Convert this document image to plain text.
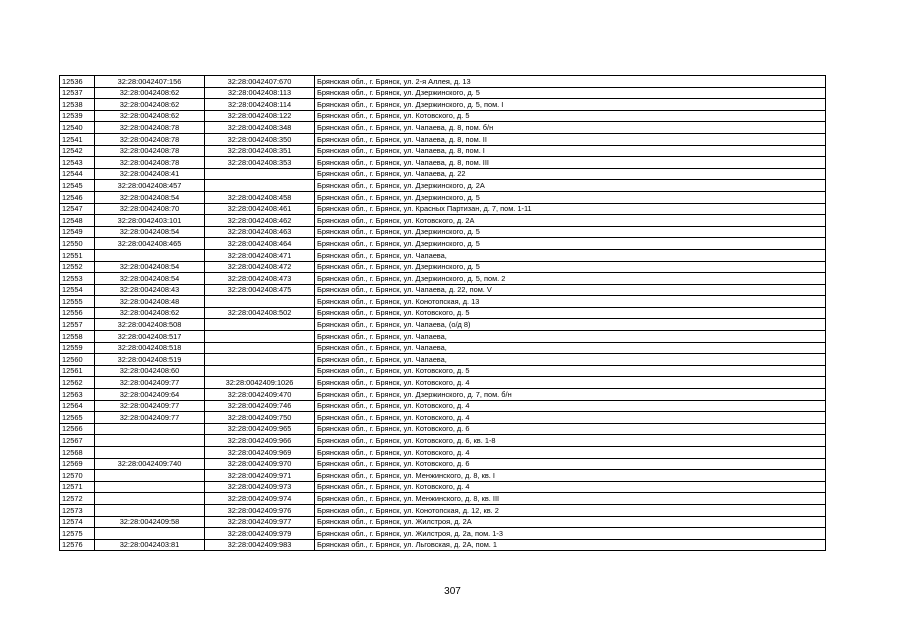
12536	32:28:0042407:156	32:28:0042407:670	Брянская обл., г. Брянск, ул. 2-я Аллея, д. 13
12537	32:28:0042408:62	32:28:0042408:113	Брянская обл., г. Брянск, ул. Дзержинского, д. 5
12538	32:28:0042408:62	32:28:0042408:114	Брянская обл., г. Брянск, ул. Дзержинского, д. 5, пом. I
12539	32:28:0042408:62	32:28:0042408:122	Брянская обл., г. Брянск, ул. Котовского, д. 5
12540	32:28:0042408:78	32:28:0042408:348	Брянская обл., г. Брянск, ул. Чапаева, д. 8, пом. б/н
12541	32:28:0042408:78	32:28:0042408:350	Брянская обл., г. Брянск, ул. Чапаева, д. 8, пом. II
12542	32:28:0042408:78	32:28:0042408:351	Брянская обл., г. Брянск, ул. Чапаева, д. 8, пом. I
12543	32:28:0042408:78	32:28:0042408:353	Брянская обл., г. Брянск, ул. Чапаева, д. 8, пом. III
12544	32:28:0042408:41		Брянская обл., г. Брянск, ул. Чапаева, д. 22
12545	32:28:0042408:457		Брянская обл., г. Брянск, ул. Дзержинского, д. 2А
12546	32:28:0042408:54	32:28:0042408:458	Брянская обл., г. Брянск, ул. Дзержинского, д. 5
12547	32:28:0042408:70	32:28:0042408:461	Брянская обл., г. Брянск, ул. Красных Партизан, д. 7, пом. 1-11
12548	32:28:0042403:101	32:28:0042408:462	Брянская обл., г. Брянск, ул. Котовского, д. 2А
12549	32:28:0042408:54	32:28:0042408:463	Брянская обл., г. Брянск, ул. Дзержинского, д. 5
12550	32:28:0042408:465	32:28:0042408:464	Брянская обл., г. Брянск, ул. Дзержинского, д. 5
12551		32:28:0042408:471	Брянская обл., г. Брянск, ул. Чапаева,
12552	32:28:0042408:54	32:28:0042408:472	Брянская обл., г. Брянск, ул. Дзержинского, д. 5
12553	32:28:0042408:54	32:28:0042408:473	Брянская обл., г. Брянск, ул. Дзержинского, д. 5, пом. 2
12554	32:28:0042408:43	32:28:0042408:475	Брянская обл., г. Брянск, ул. Чапаева, д. 22, пом. V
12555	32:28:0042408:48		Брянская обл., г. Брянск, ул. Конотопская, д. 13
12556	32:28:0042408:62	32:28:0042408:502	Брянская обл., г. Брянск, ул. Котовского, д. 5
12557	32:28:0042408:508		Брянская обл., г. Брянск, ул. Чапаева, (о/д 8)
12558	32:28:0042408:517		Брянская обл., г. Брянск, ул. Чапаева,
12559	32:28:0042408:518		Брянская обл., г. Брянск, ул. Чапаева,
12560	32:28:0042408:519		Брянская обл., г. Брянск, ул. Чапаева,
12561	32:28:0042408:60		Брянская обл., г. Брянск, ул. Котовского, д. 5
12562	32:28:0042409:77	32:28:0042409:1026	Брянская обл., г. Брянск, ул. Котовского, д. 4
12563	32:28:0042409:64	32:28:0042409:470	Брянская обл., г. Брянск, ул. Дзержинского, д. 7, пом. б/н
12564	32:28:0042409:77	32:28:0042409:746	Брянская обл., г. Брянск, ул. Котовского, д. 4
12565	32:28:0042409:77	32:28:0042409:750	Брянская обл., г. Брянск, ул. Котовского, д. 4
12566		32:28:0042409:965	Брянская обл., г. Брянск, ул. Котовского, д. 6
12567		32:28:0042409:966	Брянская обл., г. Брянск, ул. Котовского, д. 6, кв. 1-8
12568		32:28:0042409:969	Брянская обл., г. Брянск, ул. Котовского, д. 4
12569	32:28:0042409:740	32:28:0042409:970	Брянская обл., г. Брянск, ул. Котовского, д. 6
12570		32:28:0042409:971	Брянская обл., г. Брянск, ул. Менжинского, д. 8, кв. I
12571		32:28:0042409:973	Брянская обл., г. Брянск, ул. Котовского, д. 4
12572		32:28:0042409:974	Брянская обл., г. Брянск, ул. Менжинского, д. 8, кв. III
12573		32:28:0042409:976	Брянская обл., г. Брянск, ул. Конотопская, д. 12, кв. 2
12574	32:28:0042409:58	32:28:0042409:977	Брянская обл., г. Брянск, ул. Жилстроя, д. 2А
12575		32:28:0042409:979	Брянская обл., г. Брянск, ул. Жилстроя, д. 2а, пом. 1-3
12576	32:28:0042403:81	32:28:0042409:983	Брянская обл., г. Брянск, ул. Льговская, д. 2А, пом. 1
307
